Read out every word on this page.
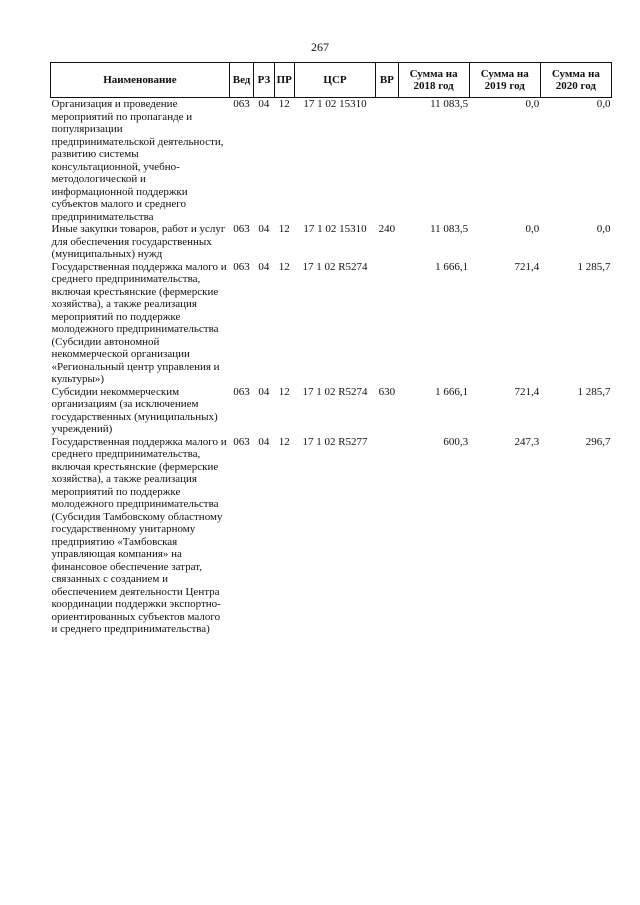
267
Наименование	Вед	РЗ	ПР	ЦСР	ВР	Сумма на 2018 год	Сумма на 2019 год	Сумма на 2020 год
Организация и проведение мероприятий по пропаганде и популяризации предпринимательской деятельности, развитию системы консультационной, учебно-методологической и информационной поддержки субъектов малого и среднего предпринимательства	063	04	12	17 1 02 15310		11 083,5	0,0	0,0
Иные закупки товаров, работ и услуг для обеспечения государственных (муниципальных) нужд	063	04	12	17 1 02 15310	240	11 083,5	0,0	0,0
Государственная поддержка малого и среднего предпринимательства, включая крестьянские (фермерские хозяйства), а также реализация мероприятий по поддержке молодежного предпринимательства (Субсидии автономной некоммерческой организации «Региональный центр управления и культуры»)	063	04	12	17 1 02 R5274		1 666,1	721,4	1 285,7
Субсидии некоммерческим организациям (за исключением государственных (муниципальных) учреждений)	063	04	12	17 1 02 R5274	630	1 666,1	721,4	1 285,7
Государственная поддержка малого и среднего предпринимательства, включая крестьянские (фермерские хозяйства), а также реализация мероприятий по поддержке молодежного предпринимательства (Субсидия Тамбовскому областному государственному унитарному предприятию «Тамбовская управляющая компания» на финансовое обеспечение затрат, связанных с созданием и обеспечением деятельности Центра координации поддержки экспортно-ориентированных субъектов малого и среднего предпринимательства)	063	04	12	17 1 02 R5277		600,3	247,3	296,7
